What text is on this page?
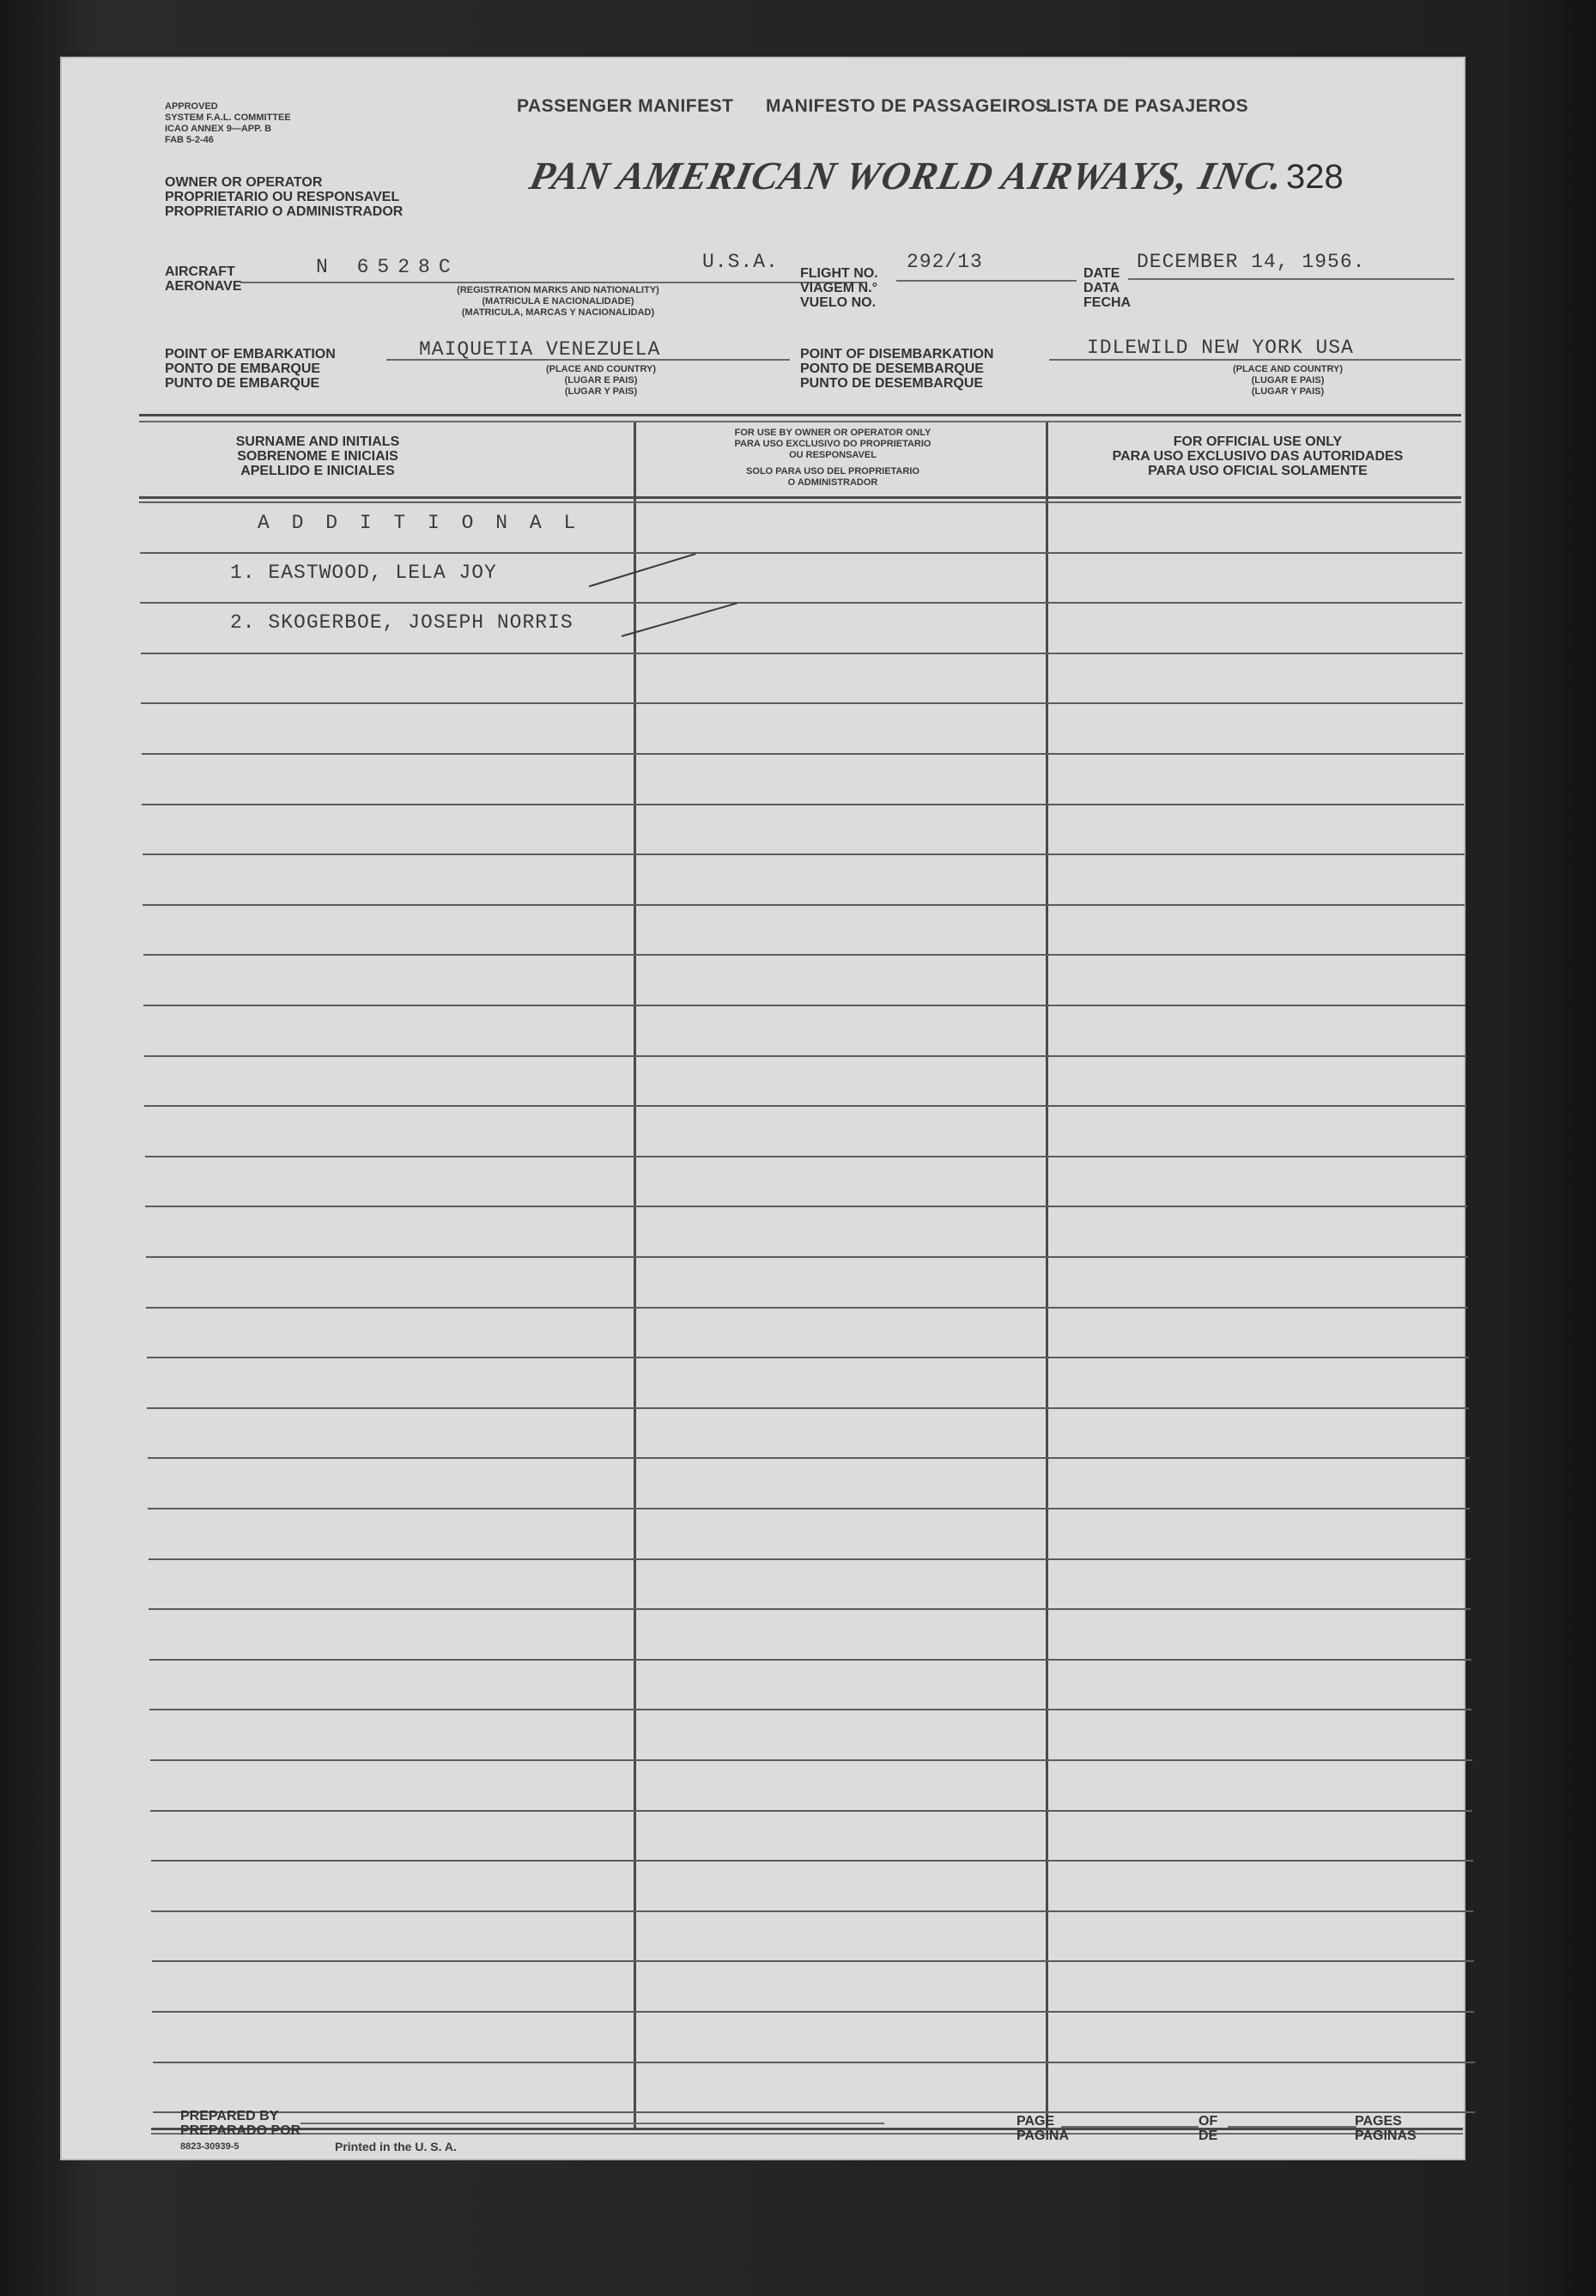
APPROVED
SYSTEM F.A.L. COMMITTEE
ICAO ANNEX 9—APP. B
FAB 5-2-46
PASSENGER MANIFEST MANIFESTO DE PASSAGEIROS
LISTA DE PASAJEROS
OWNER OR OPERATOR
PROPRIETARIO OU RESPONSAVEL
PROPRIETARIO O ADMINISTRADOR
PAN AMERICAN WORLD AIRWAYS, INC.
328
AIRCRAFT
AERONAVE
N 6528C	U.S.A.
(REGISTRATION MARKS AND NATIONALITY)
(MATRICULA E NACIONALIDADE)
(MATRICULA, MARCAS Y NACIONALIDAD)
FLIGHT NO.
VIAGEM N.°
VUELO NO.
292/13
DATE
DATA
FECHA
DECEMBER 14, 1956.
POINT OF EMBARKATION
PONTO DE EMBARQUE
PUNTO DE EMBARQUE
MAIQUETIA VENEZUELA
(PLACE AND COUNTRY)
(LUGAR E PAIS)
(LUGAR Y PAIS)
POINT OF DISEMBARKATION
PONTO DE DESEMBARQUE
PUNTO DE DESEMBARQUE
IDLEWILD NEW YORK USA
(PLACE AND COUNTRY)
(LUGAR E PAIS)
(LUGAR Y PAIS)
SURNAME AND INITIALS
SOBRENOME E INICIAIS
APELLIDO E INICIALES
FOR USE BY OWNER OR OPERATOR ONLY
PARA USO EXCLUSIVO DO PROPRIETARIO
OU RESPONSAVEL
SOLO PARA USO DEL PROPRIETARIO
O ADMINISTRADOR
FOR OFFICIAL USE ONLY
PARA USO EXCLUSIVO DAS AUTORIDADES
PARA USO OFICIAL SOLAMENTE
A D D I T I O N A L
1. EASTWOOD, LELA JOY
2. SKOGERBOE, JOSEPH NORRIS
PREPARED BY
PREPARADO POR
8823-30939-5	Printed in the U. S. A.
PAGE
PAGINA
OF
DE
PAGES
PAGINAS
